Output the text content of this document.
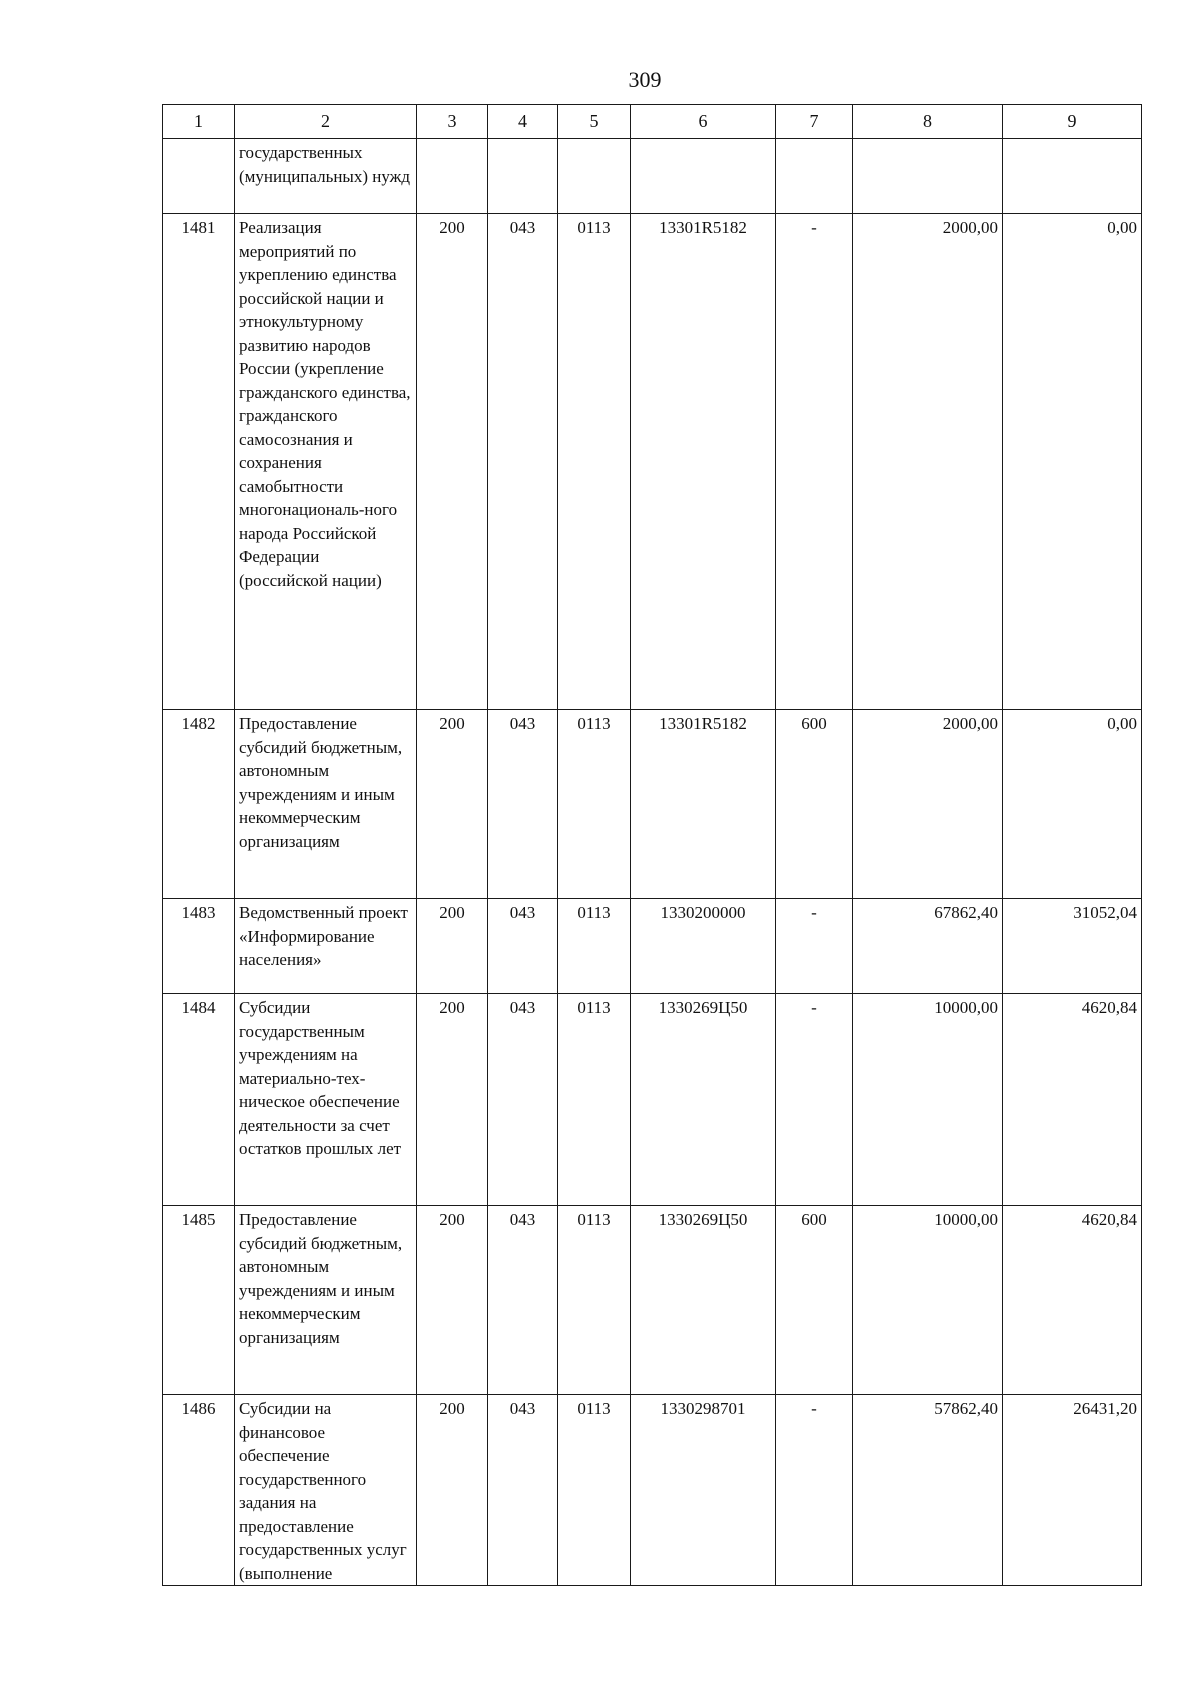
309
1	2	3	4	5	6	7	8	9
	государственных (муниципальных) нужд							
1481	Реализация мероприятий по укреплению единства российской нации и этнокультурному развитию народов России (укрепление гражданского единства, гражданского самосознания и сохранения самобытности многонациональ-ного народа Российской Федерации (российской нации)	200	043	0113	13301R5182	-	2000,00	0,00
1482	Предоставление субсидий бюджетным, автономным учреждениям и иным некоммерческим организациям	200	043	0113	13301R5182	600	2000,00	0,00
1483	Ведомственный проект «Информирование населения»	200	043	0113	1330200000	-	67862,40	31052,04
1484	Субсидии государственным учреждениям на материально-тех-ническое обеспечение деятельности за счет остатков прошлых лет	200	043	0113	1330269Ц50	-	10000,00	4620,84
1485	Предоставление субсидий бюджетным, автономным учреждениям и иным некоммерческим организациям	200	043	0113	1330269Ц50	600	10000,00	4620,84
1486	Субсидии на финансовое обеспечение государственного задания на предоставление государственных услуг (выполнение	200	043	0113	1330298701	-	57862,40	26431,20
